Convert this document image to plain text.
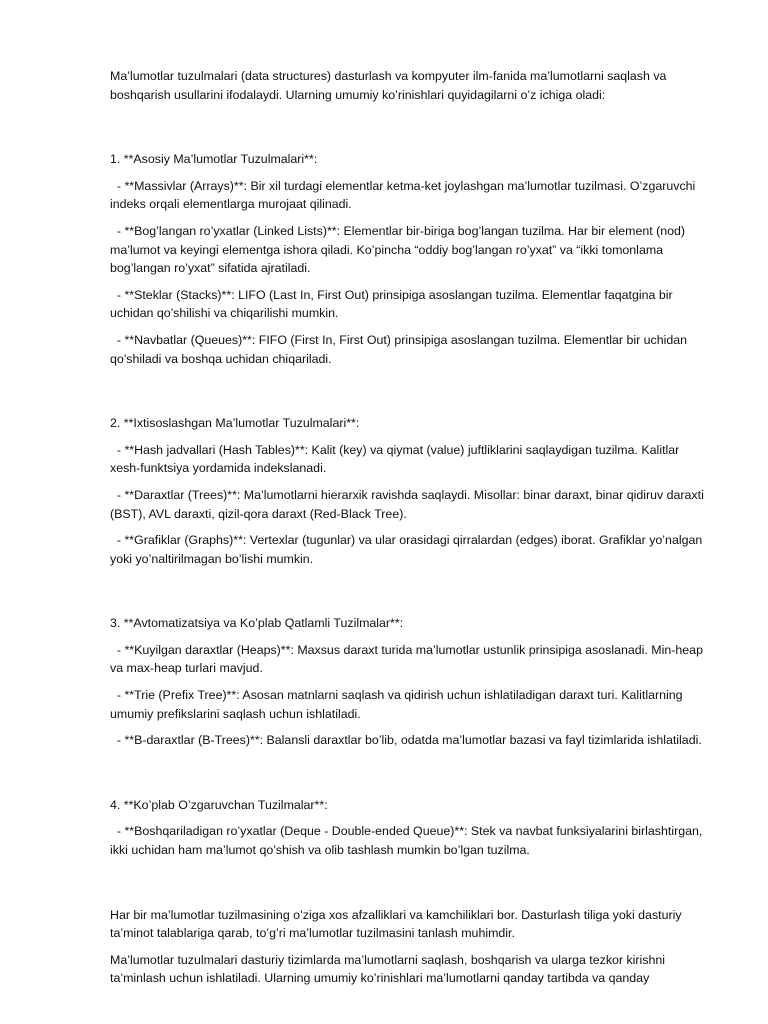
Ma’lumotlar tuzulmalari (data structures) dasturlash va kompyuter ilm-fanida ma’lumotlarni saqlash va boshqarish usullarini ifodalaydi. Ularning umumiy ko’rinishlari quyidagilarni o’z ichiga oladi:

1. **Asosiy Ma’lumotlar Tuzulmalari**:

- **Massivlar (Arrays)**: Bir xil turdagi elementlar ketma-ket joylashgan ma’lumotlar tuzilmasi. O’zgaruvchi indeks orqali elementlarga murojaat qilinadi.

- **Bog’langan ro’yxatlar (Linked Lists)**: Elementlar bir-biriga bog’langan tuzilma. Har bir element (nod) ma’lumot va keyingi elementga ishora qiladi. Ko’pincha “oddiy bog’langan ro’yxat” va “ikki tomonlama bog’langan ro’yxat” sifatida ajratiladi.

- **Steklar (Stacks)**: LIFO (Last In, First Out) prinsipiga asoslangan tuzilma. Elementlar faqatgina bir uchidan qo’shilishi va chiqarilishi mumkin.

- **Navbatlar (Queues)**: FIFO (First In, First Out) prinsipiga asoslangan tuzilma. Elementlar bir uchidan qo’shiladi va boshqa uchidan chiqariladi.

2. **Ixtisoslashgan Ma’lumotlar Tuzulmalari**:

- **Hash jadvallari (Hash Tables)**: Kalit (key) va qiymat (value) juftliklarini saqlaydigan tuzilma. Kalitlar xesh-funktsiya yordamida indekslanadi.

- **Daraxtlar (Trees)**: Ma’lumotlarni hierarxik ravishda saqlaydi. Misollar: binar daraxt, binar qidiruv daraxti (BST), AVL daraxti, qizil-qora daraxt (Red-Black Tree).

- **Grafiklar (Graphs)**: Vertexlar (tugunlar) va ular orasidagi qirralardan (edges) iborat. Grafiklar yo’nalgan yoki yo’naltirilmagan bo’lishi mumkin.

3. **Avtomatizatsiya va Ko’plab Qatlamli Tuzilmalar**:

- **Kuyilgan daraxtlar (Heaps)**: Maxsus daraxt turida ma’lumotlar ustunlik prinsipiga asoslanadi. Min-heap va max-heap turlari mavjud.

- **Trie (Prefix Tree)**: Asosan matnlarni saqlash va qidirish uchun ishlatiladigan daraxt turi. Kalitlarning umumiy prefikslarini saqlash uchun ishlatiladi.

- **B-daraxtlar (B-Trees)**: Balansli daraxtlar bo’lib, odatda ma’lumotlar bazasi va fayl tizimlarida ishlatiladi.

4. **Ko’plab O’zgaruvchan Tuzilmalar**:

- **Boshqariladigan ro’yxatlar (Deque - Double-ended Queue)**: Stek va navbat funksiyalarini birlashtirgan, ikki uchidan ham ma’lumot qo’shish va olib tashlash mumkin bo’lgan tuzilma.

Har bir ma’lumotlar tuzilmasining o’ziga xos afzalliklari va kamchiliklari bor. Dasturlash tiliga yoki dasturiy ta’minot talablariga qarab, to’g’ri ma’lumotlar tuzilmasini tanlash muhimdir.

Ma’lumotlar tuzulmalari dasturiy tizimlarda ma’lumotlarni saqlash, boshqarish va ularga tezkor kirishni ta’minlash uchun ishlatiladi. Ularning umumiy ko’rinishlari ma’lumotlarni qanday tartibda va qanday
